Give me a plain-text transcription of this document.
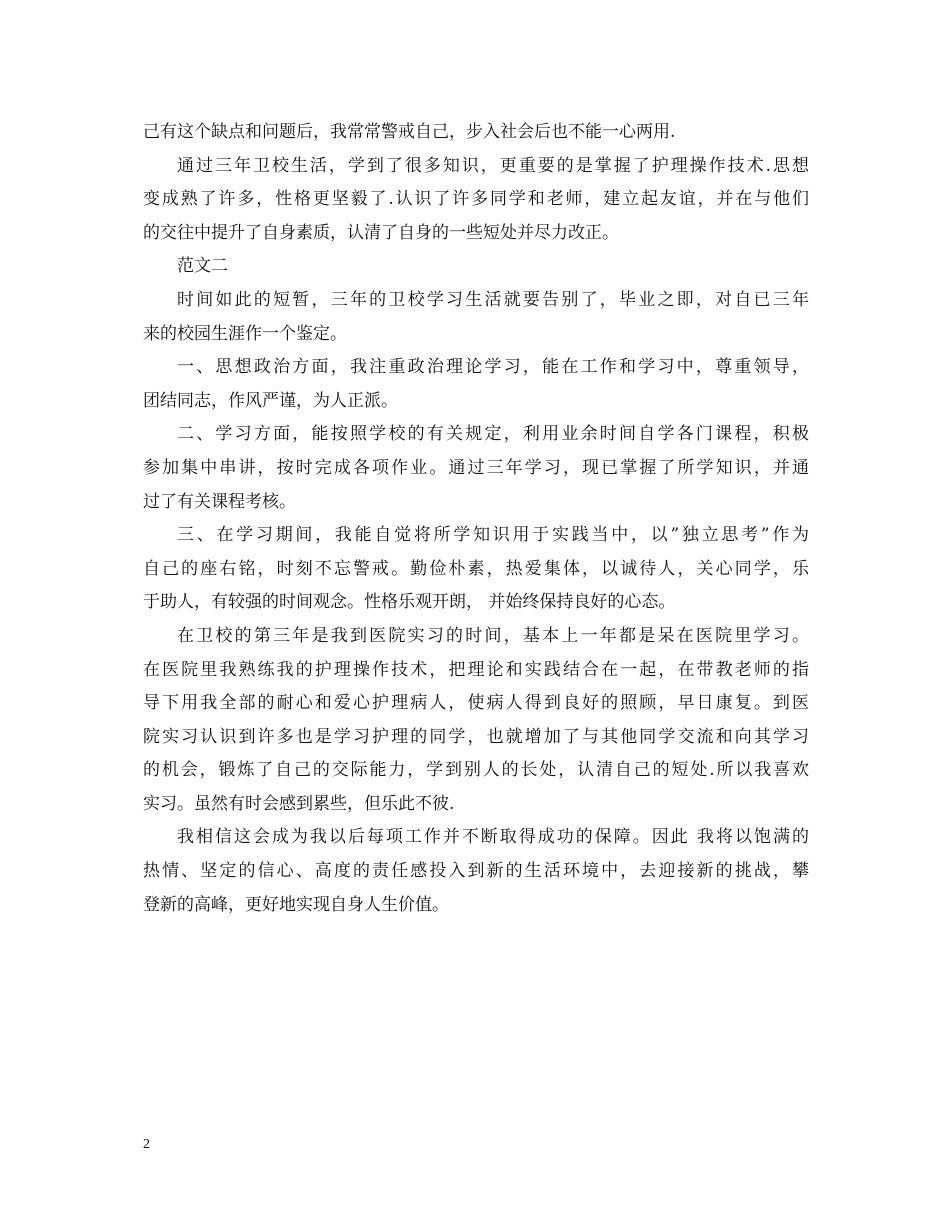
己有这个缺点和问题后，我常常警戒自己，步入社会后也不能一心两用.
通过三年卫校生活，学到了很多知识，更重要的是掌握了护理操作技术.思想
变成熟了许多，性格更坚毅了.认识了许多同学和老师，建立起友谊，并在与他们
的交往中提升了自身素质，认清了自身的一些短处并尽力改正。
范文二
时间如此的短暂，三年的卫校学习生活就要告别了，毕业之即，对自已三年
来的校园生涯作一个鉴定。
一、思想政治方面，我注重政治理论学习，能在工作和学习中，尊重领导，
团结同志，作风严谨，为人正派。
二、学习方面，能按照学校的有关规定，利用业余时间自学各门课程，积极
参加集中串讲，按时完成各项作业。通过三年学习，现已掌握了所学知识，并通
过了有关课程考核。
三、在学习期间，我能自觉将所学知识用于实践当中，以”独立思考”作为
自己的座右铭，时刻不忘警戒。勤俭朴素，热爱集体，以诚待人，关心同学，乐
于助人，有较强的时间观念。性格乐观开朗， 并始终保持良好的心态。
在卫校的第三年是我到医院实习的时间，基本上一年都是呆在医院里学习。
在医院里我熟练我的护理操作技术，把理论和实践结合在一起，在带教老师的指
导下用我全部的耐心和爱心护理病人，使病人得到良好的照顾，早日康复。到医
院实习认识到许多也是学习护理的同学，也就增加了与其他同学交流和向其学习
的机会，锻炼了自己的交际能力，学到别人的长处，认清自己的短处.所以我喜欢
实习。虽然有时会感到累些，但乐此不彼.
我相信这会成为我以后每项工作并不断取得成功的保障。因此 我将以饱满的
热情、坚定的信心、高度的责任感投入到新的生活环境中，去迎接新的挑战，攀
登新的高峰，更好地实现自身人生价值。
2
